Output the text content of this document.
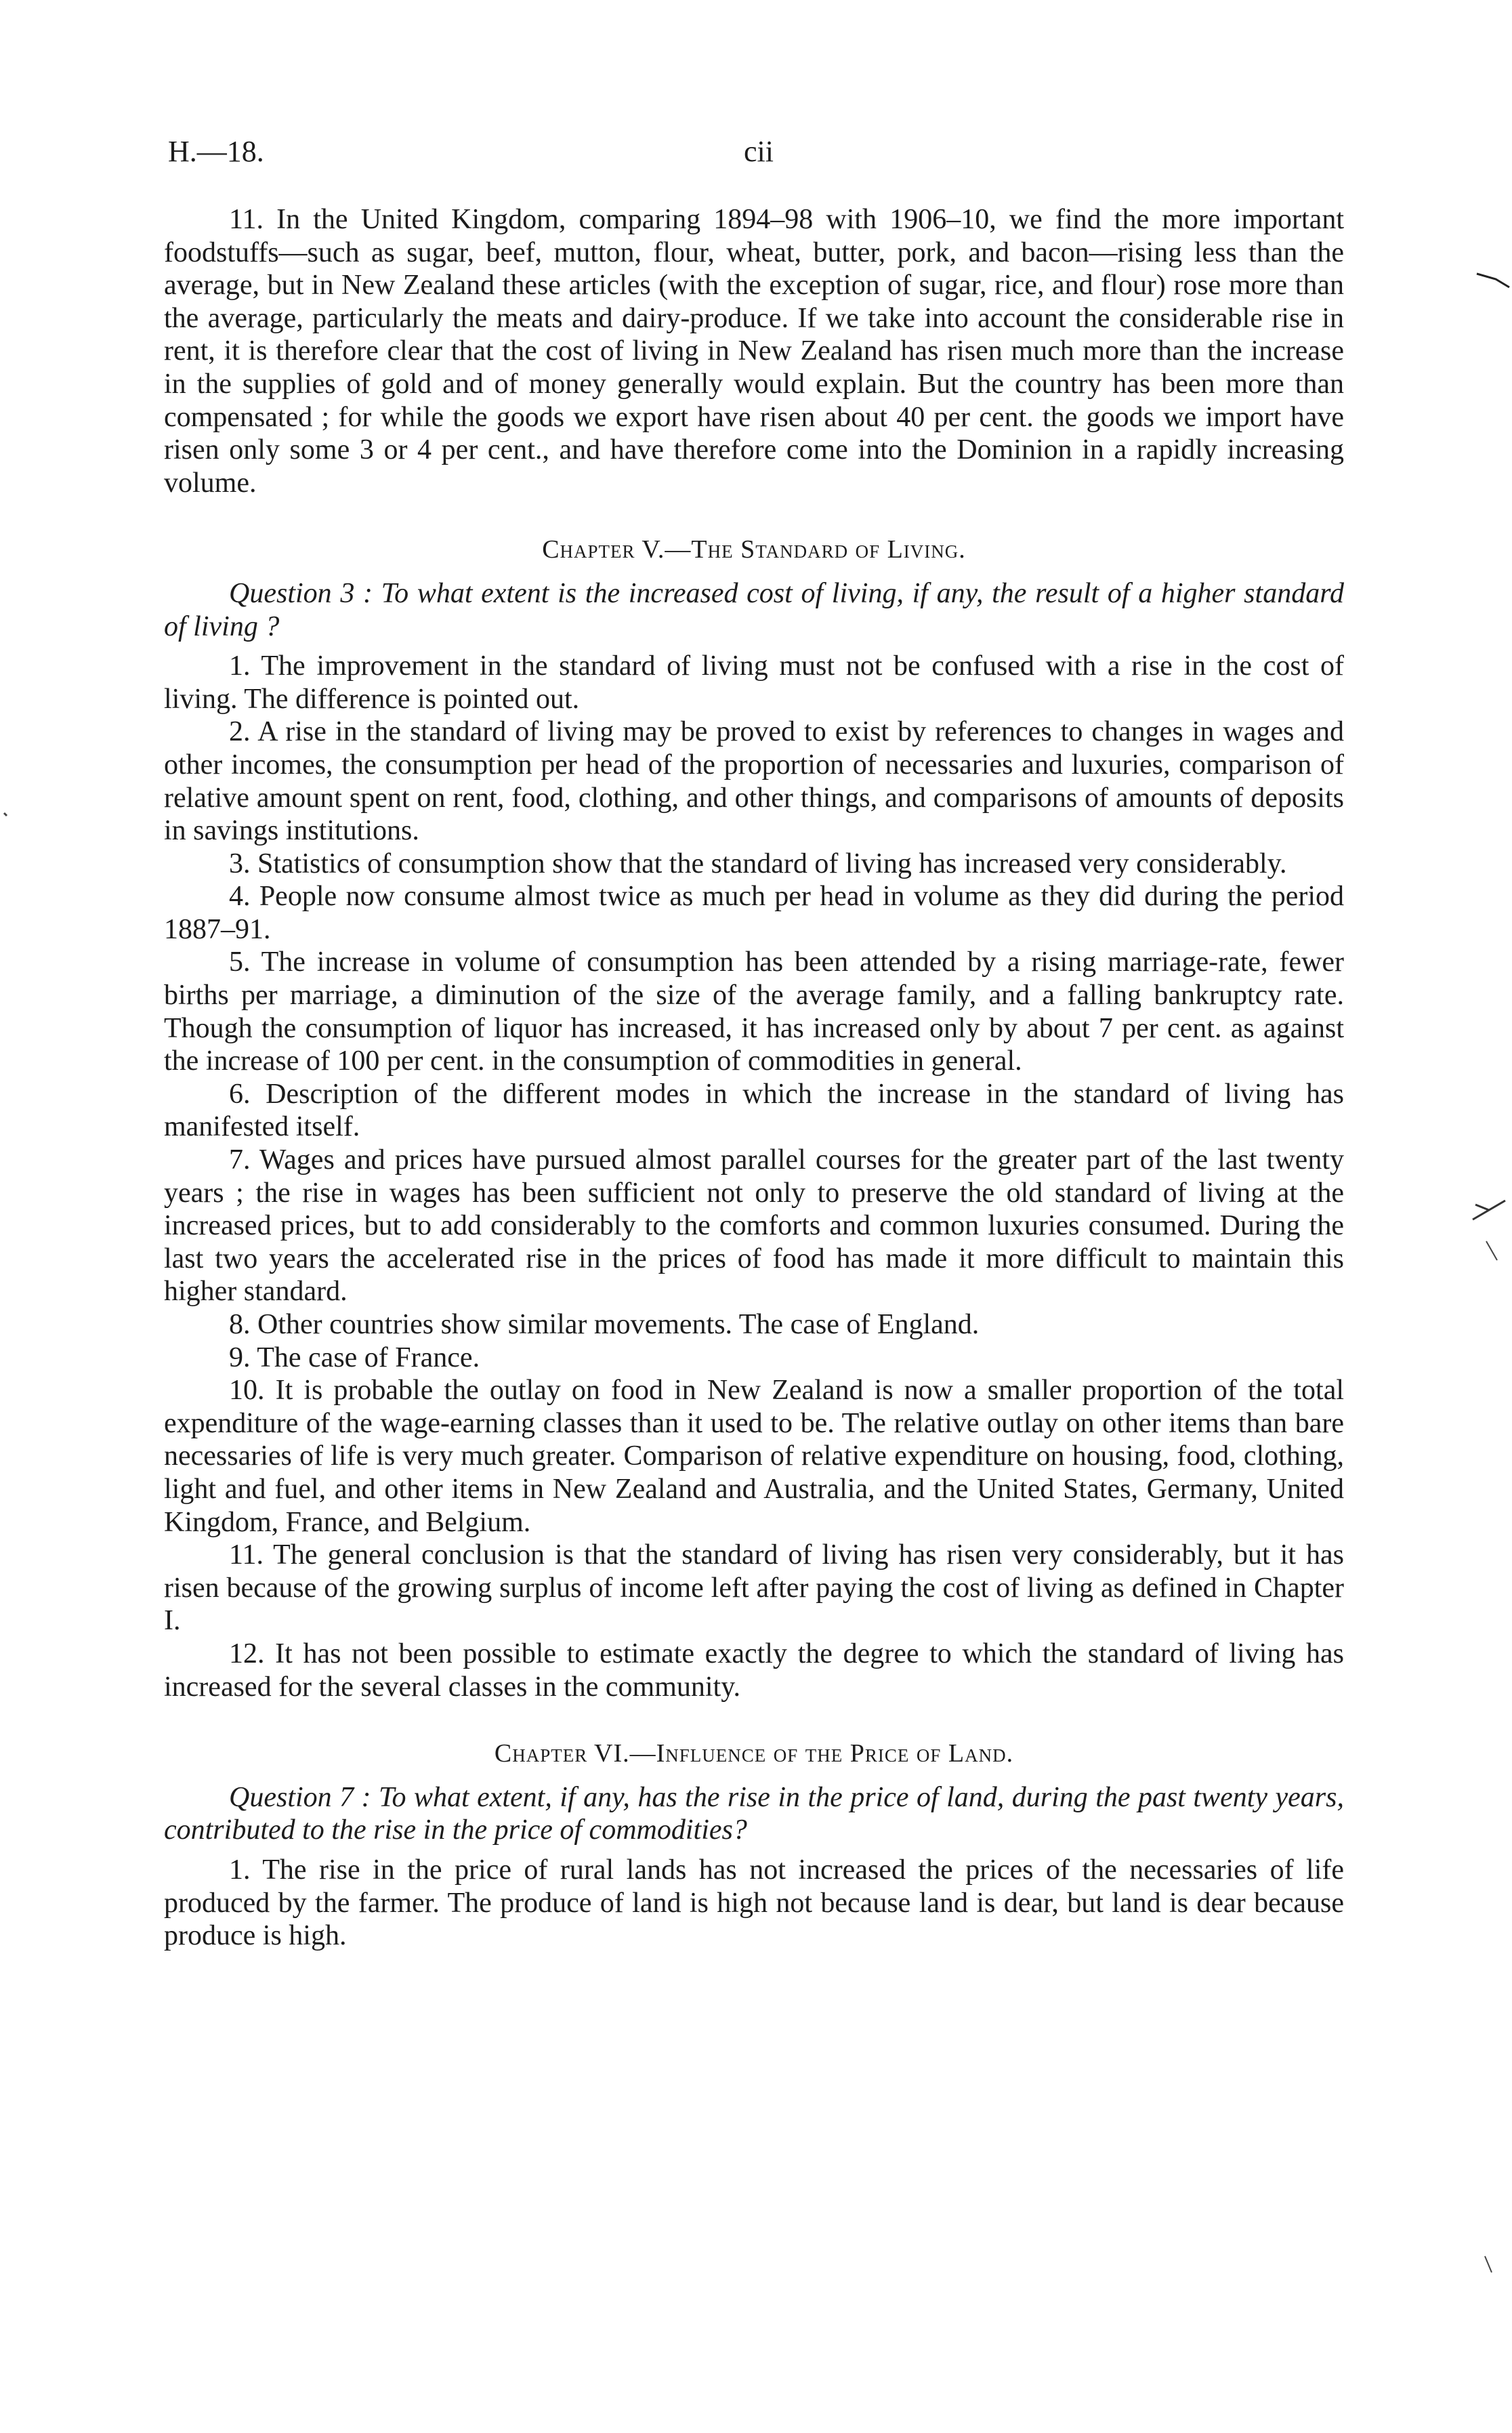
H.—18.	cii

11. In the United Kingdom, comparing 1894–98 with 1906–10, we find the more important foodstuffs—such as sugar, beef, mutton, flour, wheat, butter, pork, and bacon—rising less than the average, but in New Zealand these articles (with the exception of sugar, rice, and flour) rose more than the average, particularly the meats and dairy-produce. If we take into account the considerable rise in rent, it is therefore clear that the cost of living in New Zealand has risen much more than the increase in the supplies of gold and of money generally would explain. But the country has been more than compensated ; for while the goods we export have risen about 40 per cent. the goods we import have risen only some 3 or 4 per cent., and have therefore come into the Dominion in a rapidly increasing volume.

Chapter V.—The Standard of Living.

Question 3 : To what extent is the increased cost of living, if any, the result of a higher standard of living ?

1. The improvement in the standard of living must not be confused with a rise in the cost of living. The difference is pointed out.

2. A rise in the standard of living may be proved to exist by references to changes in wages and other incomes, the consumption per head of the proportion of necessaries and luxuries, comparison of relative amount spent on rent, food, clothing, and other things, and comparisons of amounts of deposits in savings institutions.

3. Statistics of consumption show that the standard of living has increased very considerably.

4. People now consume almost twice as much per head in volume as they did during the period 1887–91.

5. The increase in volume of consumption has been attended by a rising marriage-rate, fewer births per marriage, a diminution of the size of the average family, and a falling bankruptcy rate. Though the consumption of liquor has increased, it has increased only by about 7 per cent. as against the increase of 100 per cent. in the consumption of commodities in general.

6. Description of the different modes in which the increase in the standard of living has manifested itself.

7. Wages and prices have pursued almost parallel courses for the greater part of the last twenty years ; the rise in wages has been sufficient not only to preserve the old standard of living at the increased prices, but to add considerably to the comforts and common luxuries consumed. During the last two years the accelerated rise in the prices of food has made it more difficult to maintain this higher standard.

8. Other countries show similar movements. The case of England.

9. The case of France.

10. It is probable the outlay on food in New Zealand is now a smaller proportion of the total expenditure of the wage-earning classes than it used to be. The relative outlay on other items than bare necessaries of life is very much greater. Comparison of relative expenditure on housing, food, clothing, light and fuel, and other items in New Zealand and Australia, and the United States, Germany, United Kingdom, France, and Belgium.

11. The general conclusion is that the standard of living has risen very considerably, but it has risen because of the growing surplus of income left after paying the cost of living as defined in Chapter I.

12. It has not been possible to estimate exactly the degree to which the standard of living has increased for the several classes in the community.

Chapter VI.—Influence of the Price of Land.

Question 7 : To what extent, if any, has the rise in the price of land, during the past twenty years, contributed to the rise in the price of commodities?

1. The rise in the price of rural lands has not increased the prices of the necessaries of life produced by the farmer. The produce of land is high not because land is dear, but land is dear because produce is high.
